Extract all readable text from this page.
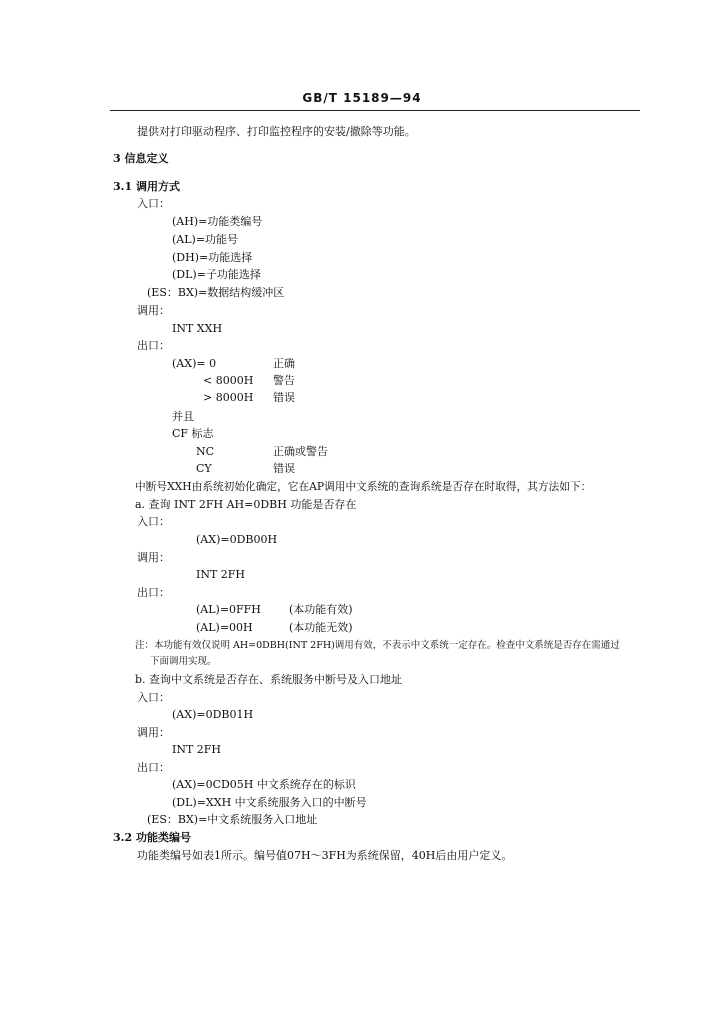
GB/T 15189—94
提供对打印驱动程序、打印监控程序的安装/撤除等功能。
3 信息定义
3.1 调用方式
入口：
(AH)=功能类编号
(AL)=功能号
(DH)=功能选择
(DL)=子功能选择
(ES：BX)=数据结构缓冲区
调用：
INT XXH
出口：
(AX)= 0	正确
< 8000H 警告
> 8000H 错误
并且
CF 标志
NC	正确或警告
CY	错误
中断号XXH由系统初始化确定，它在AP调用中文系统的查询系统是否存在时取得，其方法如下：
a. 查询 INT 2FH AH=0DBH 功能是否存在
入口：
(AX)=0DB00H
调用：
INT 2FH
出口：
(AL)=0FFH	(本功能有效)
(AL)=00H	(本功能无效)
注：本功能有效仅说明 AH=0DBH(INT 2FH)调用有效，不表示中文系统一定存在。检查中文系统是否存在需通过
下面调用实现。
b. 查询中文系统是否存在、系统服务中断号及入口地址
入口：
(AX)=0DB01H
调用：
INT 2FH
出口：
(AX)=0CD05H 中文系统存在的标识
(DL)=XXH 中文系统服务入口的中断号
(ES：BX)=中文系统服务入口地址
3.2 功能类编号
功能类编号如表1所示。编号值07H～3FH为系统保留，40H后由用户定义。
